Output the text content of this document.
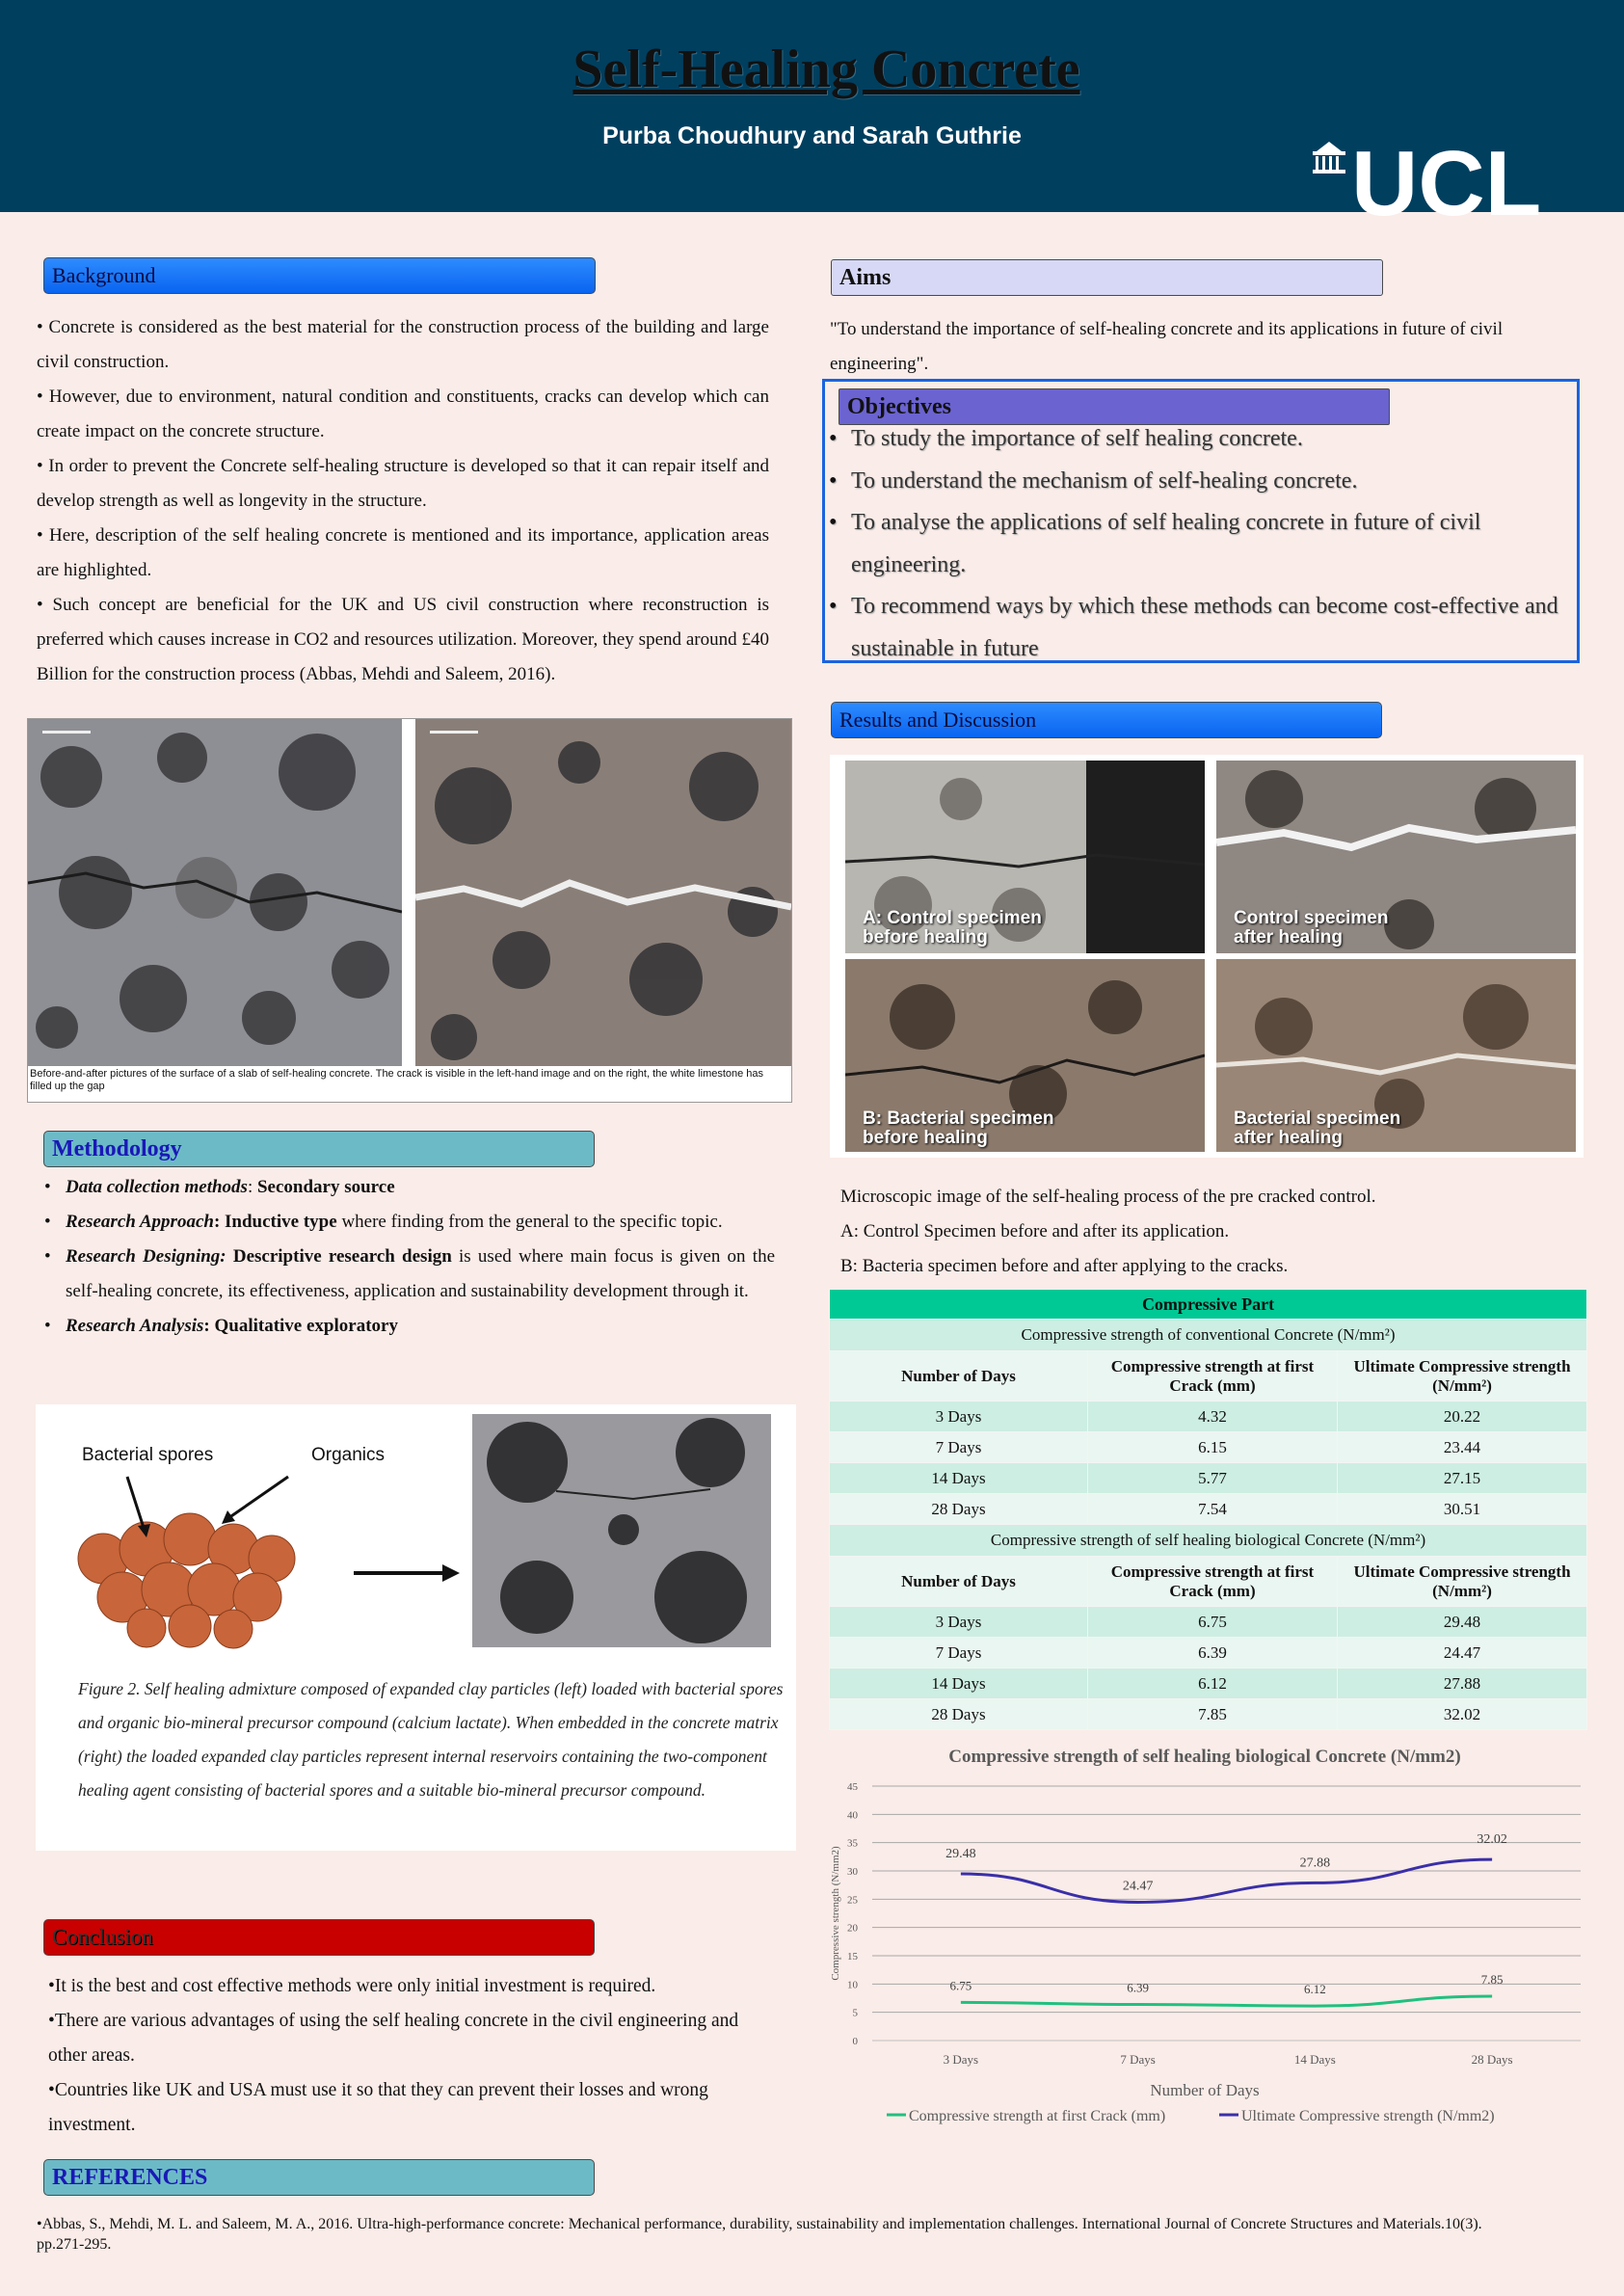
Self-Healing Concrete
Purba Choudhury and Sarah Guthrie	UCL
Background

• Concrete is considered as the best material for the construction process of the building and large civil construction.

• However, due to environment, natural condition and constituents, cracks can develop which can create impact on the concrete structure.

• In order to prevent the Concrete self-healing structure is developed so that it can repair itself and develop strength as well as longevity in the structure.

• Here, description of the self healing concrete is mentioned and its importance, application areas are highlighted.

• Such concept are beneficial for the UK and US civil construction where reconstruction is preferred which causes increase in CO2 and resources utilization. Moreover, they spend around £40 Billion for the construction process (Abbas, Mehdi and Saleem, 2016).

Before-and-after pictures of the surface of a slab of self-healing concrete. The crack is visible in the left-hand image and on the right, the white limestone has filled up the gap
Methodology
• Data collection methods: Secondary source
• Research Approach: Inductive type where finding from the general to the specific topic.
• Research Designing: Descriptive research design is used where main focus is given on the self-healing concrete, its effectiveness, application and sustainability development through it.
• Research Analysis: Qualitative exploratory
Bacterial spores	Organics
Figure 2. Self healing admixture composed of expanded clay particles (left) loaded with bacterial spores and organic bio-mineral precursor compound (calcium lactate). When embedded in the concrete matrix (right) the loaded expanded clay particles represent internal reservoirs containing the two-component healing agent consisting of bacterial spores and a suitable bio-mineral precursor compound.
Conclusion

•It is the best and cost effective methods were only initial investment is required.

•There are various advantages of using the self healing concrete in the civil engineering and other areas.

•Countries like UK and USA must use it so that they can prevent their losses and wrong investment.

REFERENCES
•Abbas, S., Mehdi, M. L. and Saleem, M. A., 2016. Ultra-high-performance concrete: Mechanical performance, durability, sustainability and implementation challenges. International Journal of Concrete Structures and Materials.10(3). pp.271-295.
Aims
"To understand the importance of self-healing concrete and its applications in future of civil engineering".
Objectives
• To study the importance of self healing concrete.
• To understand the mechanism of self-healing concrete.
• To analyse the applications of self healing concrete in future of civil engineering.
• To recommend ways by which these methods can become cost-effective and sustainable in future
Results and Discussion
A: Control specimen
before healing
Control specimen
after healing
B: Bacterial specimen
before healing
Bacterial specimen
after healing

Microscopic image of the self-healing process of the pre cracked control.

A: Control Specimen before and after its application.

B: Bacteria specimen before and after applying to the cracks.

Compressive Part		
Compressive strength of conventional Concrete (N/mm²)		
Number of Days	Compressive strength at first Crack (mm)	Ultimate Compressive strength (N/mm²)
3 Days	4.32	20.22
7 Days	6.15	23.44
14 Days	5.77	27.15
28 Days	7.54	30.51
Compressive strength of self healing biological Concrete (N/mm²)		
Number of Days	Compressive strength at first Crack (mm)	Ultimate Compressive strength (N/mm²)
3 Days	6.75	29.48
7 Days	6.39	24.47
14 Days	6.12	27.88
28 Days	7.85	32.02
Compressive strength of self healing biological Concrete (N/mm2)
0
5
10
15
20
25
30
35
40
45
3 Days	7 Days	14 Days	28 Days
Number of Days
Compressive strength (N/mm2)
6.75	6.39	6.12
7.85
29.48
24.47
27.88
32.02
Compressive strength at first Crack (mm)	Ultimate Compressive strength (N/mm2)
